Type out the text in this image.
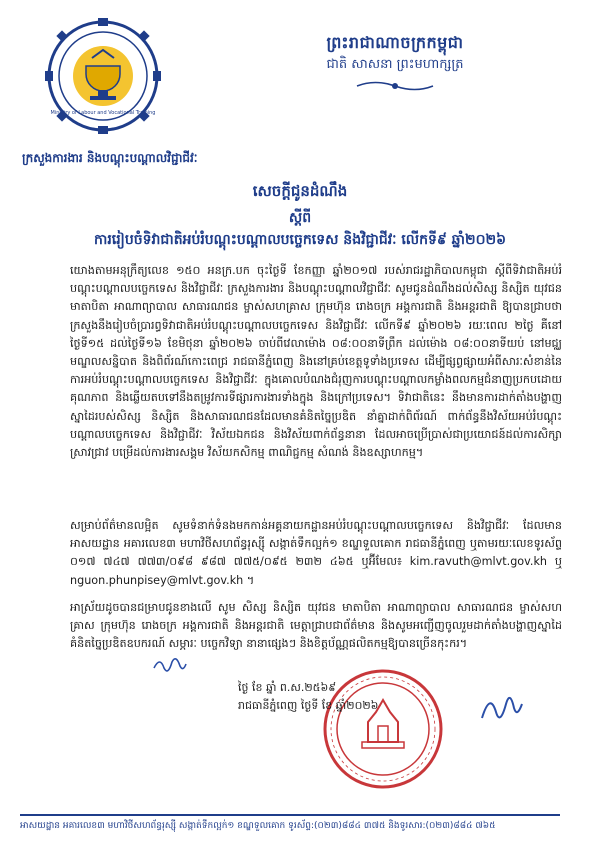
Ministry of Labour and Vocational Training
ព្រះរាជាណាចក្រកម្ពុជា
ជាតិ សាសនា ព្រះមហាក្សត្រ
ក្រសួងការងារ និងបណ្តុះបណ្តាលវិជ្ជាជីវៈ
សេចក្តីជូនដំណឹង
ស្តីពី
ការរៀបចំទិវាជាតិអប់រំបណ្តុះបណ្តាលបច្ចេកទេស និងវិជ្ជាជីវៈ លើកទី៩ ឆ្នាំ២០២៦
យោងតាមអនុក្រឹត្យលេខ ១៥០ អនក្រ.បក ចុះថ្ងៃទី ខែកញ្ញា ឆ្នាំ២០១៧ របស់រាជរដ្ឋាភិបាលកម្ពុជា ស្តីពីទិវាជាតិអប់រំបណ្តុះបណ្តាលបច្ចេកទេស និងវិជ្ជាជីវៈ ក្រសួងការងារ និងបណ្តុះបណ្តាលវិជ្ជាជីវៈ សូមជូនដំណឹងដល់សិស្ស និស្សិត យុវជន មាតាបិតា អាណាព្យាបាល សាធារណជន ម្ចាស់សហគ្រាស ក្រុមហ៊ុន រោងចក្រ អង្គការជាតិ និងអន្តរជាតិ ឱ្យបានជ្រាបថា ក្រសួងនឹងរៀបចំប្រារព្ធទិវាជាតិអប់រំបណ្តុះបណ្តាលបច្ចេកទេស និងវិជ្ជាជីវៈ លើកទី៩ ឆ្នាំ២០២៦ រយៈពេល ២ថ្ងៃ គឺនៅថ្ងៃទី១៥ ដល់ថ្ងៃទី១៦ ខែមិថុនា ឆ្នាំ២០២៦ ចាប់ពីវេលាម៉ោង ០៨:០០នាទីព្រឹក ដល់ម៉ោង ០៨:០០នាទីយប់ នៅមជ្ឈមណ្ឌលសន្និបាត និងពិព័រណ៍កោះពេជ្រ រាជធានីភ្នំពេញ និងនៅគ្រប់ខេត្តទូទាំងប្រទេស ដើម្បីផ្សព្វផ្សាយអំពីសារៈសំខាន់នៃការអប់រំបណ្តុះបណ្តាលបច្ចេកទេស និងវិជ្ជាជីវៈ ក្នុងគោលបំណងជំរុញការបណ្តុះបណ្តាលកម្លាំងពលកម្មជំនាញប្រកបដោយគុណភាព និងឆ្លើយតបទៅនឹងតម្រូវការទីផ្សារការងារទាំងក្នុង និងក្រៅប្រទេស។ ទិវាជាតិនេះ នឹងមានការដាក់តាំងបង្ហាញស្នាដៃរបស់សិស្ស និស្សិត និងសាធារណជនដែលមានគំនិតច្នៃប្រឌិត នាំគ្នាដាក់ពិព័រណ៍ ពាក់ព័ន្ធនឹងវិស័យអប់រំបណ្តុះបណ្តាលបច្ចេកទេស និងវិជ្ជាជីវៈ វិស័យឯកជន និងវិស័យពាក់ព័ន្ធនានា ដែលអាចប្រើប្រាស់ជាប្រយោជន៍ដល់ការសិក្សាស្រាវជ្រាវ បម្រើដល់ការងារសង្គម វិស័យកសិកម្ម ពាណិជ្ជកម្ម សំណង់ និងឧស្សាហកម្ម។
សម្រាប់ព័ត៌មានលម្អិត សូមទំនាក់ទំនងមកកាន់អគ្គនាយកដ្ឋានអប់រំបណ្តុះបណ្តាលបច្ចេកទេស និងវិជ្ជាជីវៈ ដែលមានអាសយដ្ឋាន អគារលេខ៣ មហាវិថីសហព័ន្ធរុស្ស៊ី សង្កាត់ទឹកល្អក់១ ខណ្ឌទួលគោក រាជធានីភ្នំពេញ ឬតាមរយៈលេខទូរស័ព្ទ ០១៧ ៧៤៧ ៧៧៣/០៩៨ ៩៨៧ ៧៧៥/០៩៥ ២៣២ ៤៦៥ ឬអ៊ីមែល៖ kim.ravuth@mlvt.gov.kh ឬ nguon.phunpisey@mlvt.gov.kh ។
អាស្រ័យដូចបានជម្រាបជូនខាងលើ សូម សិស្ស និស្សិត យុវជន មាតាបិតា អាណាព្យាបាល សាធារណជន ម្ចាស់សហគ្រាស ក្រុមហ៊ុន រោងចក្រ អង្គការជាតិ និងអន្តរជាតិ មេត្តាជ្រាបជាព័ត៌មាន និងសូមអញ្ជើញចូលរួមដាក់តាំងបង្ហាញស្នាដៃ គំនិតច្នៃប្រឌិតឧបករណ៍ សម្ភារៈ បច្ចេកវិទ្យា នានាផ្សេងៗ និងខិត្តប័ណ្ណផលិតកម្មឱ្យបានច្រើនកុះករ។
ថ្ងៃ ខែ ឆ្នាំ ព.ស.២៥៦៩
រាជធានីភ្នំពេញ ថ្ងៃទី ខែ ឆ្នាំ២០២៦
អាសយដ្ឋាន អគារលេខ៣ មហាវិថីសហព័ន្ធរុស្ស៊ី សង្កាត់ទឹកល្អក់១ ខណ្ឌទួលគោក ទូរស័ព្ទ:(០២៣)៨៨៤ ៣៧៥ និងទូរសារ:(០២៣)៨៨៤ ៧៦៥
